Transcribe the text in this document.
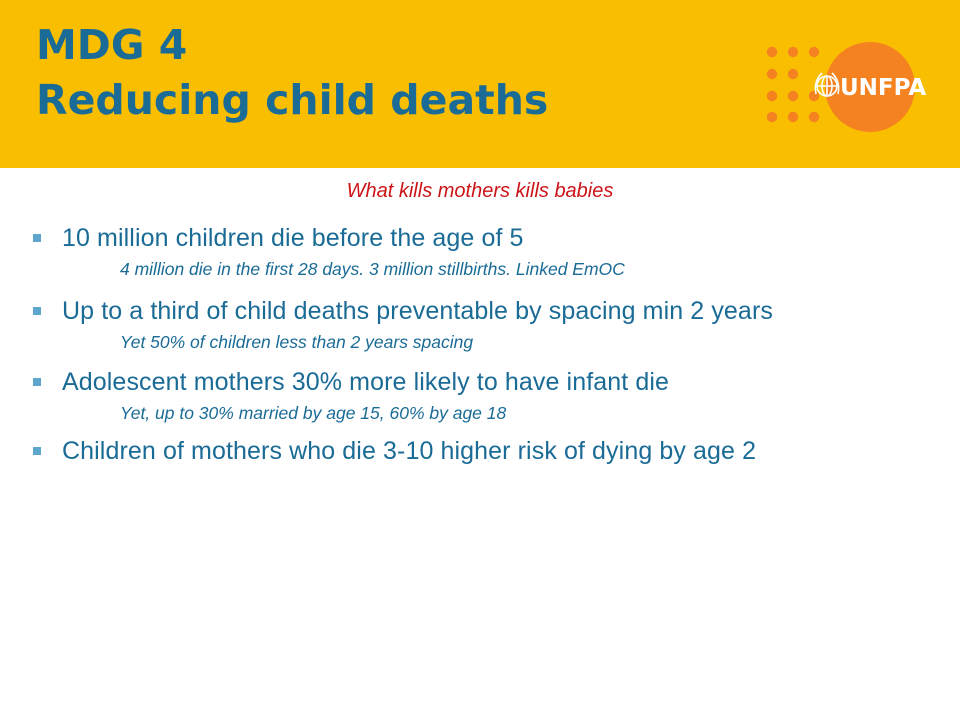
MDG 4
Reducing child deaths	UNFPA
What kills mothers kills babies
10 million children die before the age of 5
4 million die in the first 28 days. 3 million stillbirths. Linked EmOC
Up to a third of child deaths preventable by spacing min 2 years
Yet 50% of children less than 2 years spacing
Adolescent mothers 30% more likely to have infant die
Yet, up to 30% married by age 15, 60% by age 18
Children of mothers who die 3-10 higher risk of dying by age 2
